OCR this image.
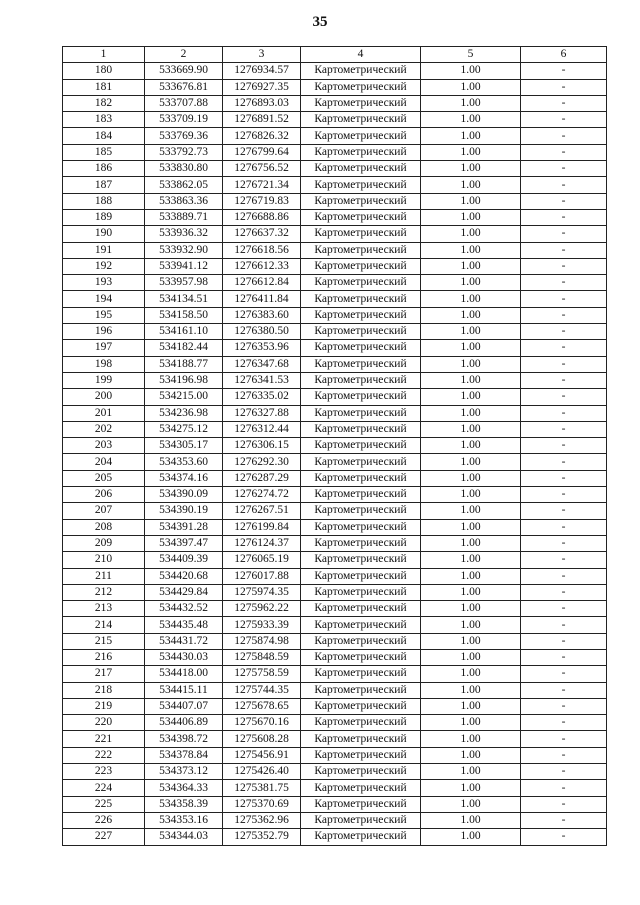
35
1	2	3	4	5	6
180	533669.90	1276934.57	Картометрический	1.00	-
181	533676.81	1276927.35	Картометрический	1.00	-
182	533707.88	1276893.03	Картометрический	1.00	-
183	533709.19	1276891.52	Картометрический	1.00	-
184	533769.36	1276826.32	Картометрический	1.00	-
185	533792.73	1276799.64	Картометрический	1.00	-
186	533830.80	1276756.52	Картометрический	1.00	-
187	533862.05	1276721.34	Картометрический	1.00	-
188	533863.36	1276719.83	Картометрический	1.00	-
189	533889.71	1276688.86	Картометрический	1.00	-
190	533936.32	1276637.32	Картометрический	1.00	-
191	533932.90	1276618.56	Картометрический	1.00	-
192	533941.12	1276612.33	Картометрический	1.00	-
193	533957.98	1276612.84	Картометрический	1.00	-
194	534134.51	1276411.84	Картометрический	1.00	-
195	534158.50	1276383.60	Картометрический	1.00	-
196	534161.10	1276380.50	Картометрический	1.00	-
197	534182.44	1276353.96	Картометрический	1.00	-
198	534188.77	1276347.68	Картометрический	1.00	-
199	534196.98	1276341.53	Картометрический	1.00	-
200	534215.00	1276335.02	Картометрический	1.00	-
201	534236.98	1276327.88	Картометрический	1.00	-
202	534275.12	1276312.44	Картометрический	1.00	-
203	534305.17	1276306.15	Картометрический	1.00	-
204	534353.60	1276292.30	Картометрический	1.00	-
205	534374.16	1276287.29	Картометрический	1.00	-
206	534390.09	1276274.72	Картометрический	1.00	-
207	534390.19	1276267.51	Картометрический	1.00	-
208	534391.28	1276199.84	Картометрический	1.00	-
209	534397.47	1276124.37	Картометрический	1.00	-
210	534409.39	1276065.19	Картометрический	1.00	-
211	534420.68	1276017.88	Картометрический	1.00	-
212	534429.84	1275974.35	Картометрический	1.00	-
213	534432.52	1275962.22	Картометрический	1.00	-
214	534435.48	1275933.39	Картометрический	1.00	-
215	534431.72	1275874.98	Картометрический	1.00	-
216	534430.03	1275848.59	Картометрический	1.00	-
217	534418.00	1275758.59	Картометрический	1.00	-
218	534415.11	1275744.35	Картометрический	1.00	-
219	534407.07	1275678.65	Картометрический	1.00	-
220	534406.89	1275670.16	Картометрический	1.00	-
221	534398.72	1275608.28	Картометрический	1.00	-
222	534378.84	1275456.91	Картометрический	1.00	-
223	534373.12	1275426.40	Картометрический	1.00	-
224	534364.33	1275381.75	Картометрический	1.00	-
225	534358.39	1275370.69	Картометрический	1.00	-
226	534353.16	1275362.96	Картометрический	1.00	-
227	534344.03	1275352.79	Картометрический	1.00	-
